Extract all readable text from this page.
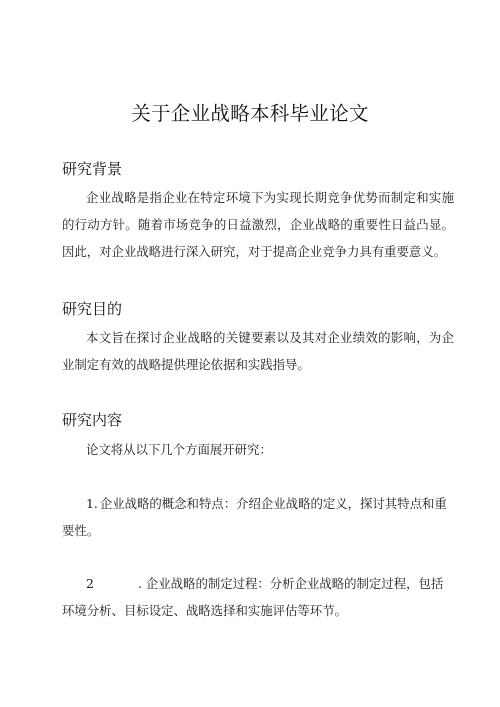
关于企业战略本科毕业论文
研究背景

企业战略是指企业在特定环境下为实现长期竞争优势而制定和实施的行动方针。随着市场竞争的日益激烈，企业战略的重要性日益凸显。因此，对企业战略进行深入研究，对于提高企业竞争力具有重要意义。

研究目的

本文旨在探讨企业战略的关键要素以及其对企业绩效的影响，为企业制定有效的战略提供理论依据和实践指导。

研究内容

论文将从以下几个方面展开研究：

1. 企业战略的概念和特点：介绍企业战略的定义，探讨其特点和重要性。

2	. 企业战略的制定过程：分析企业战略的制定过程，包括环境分析、目标设定、战略选择和实施评估等环节。
